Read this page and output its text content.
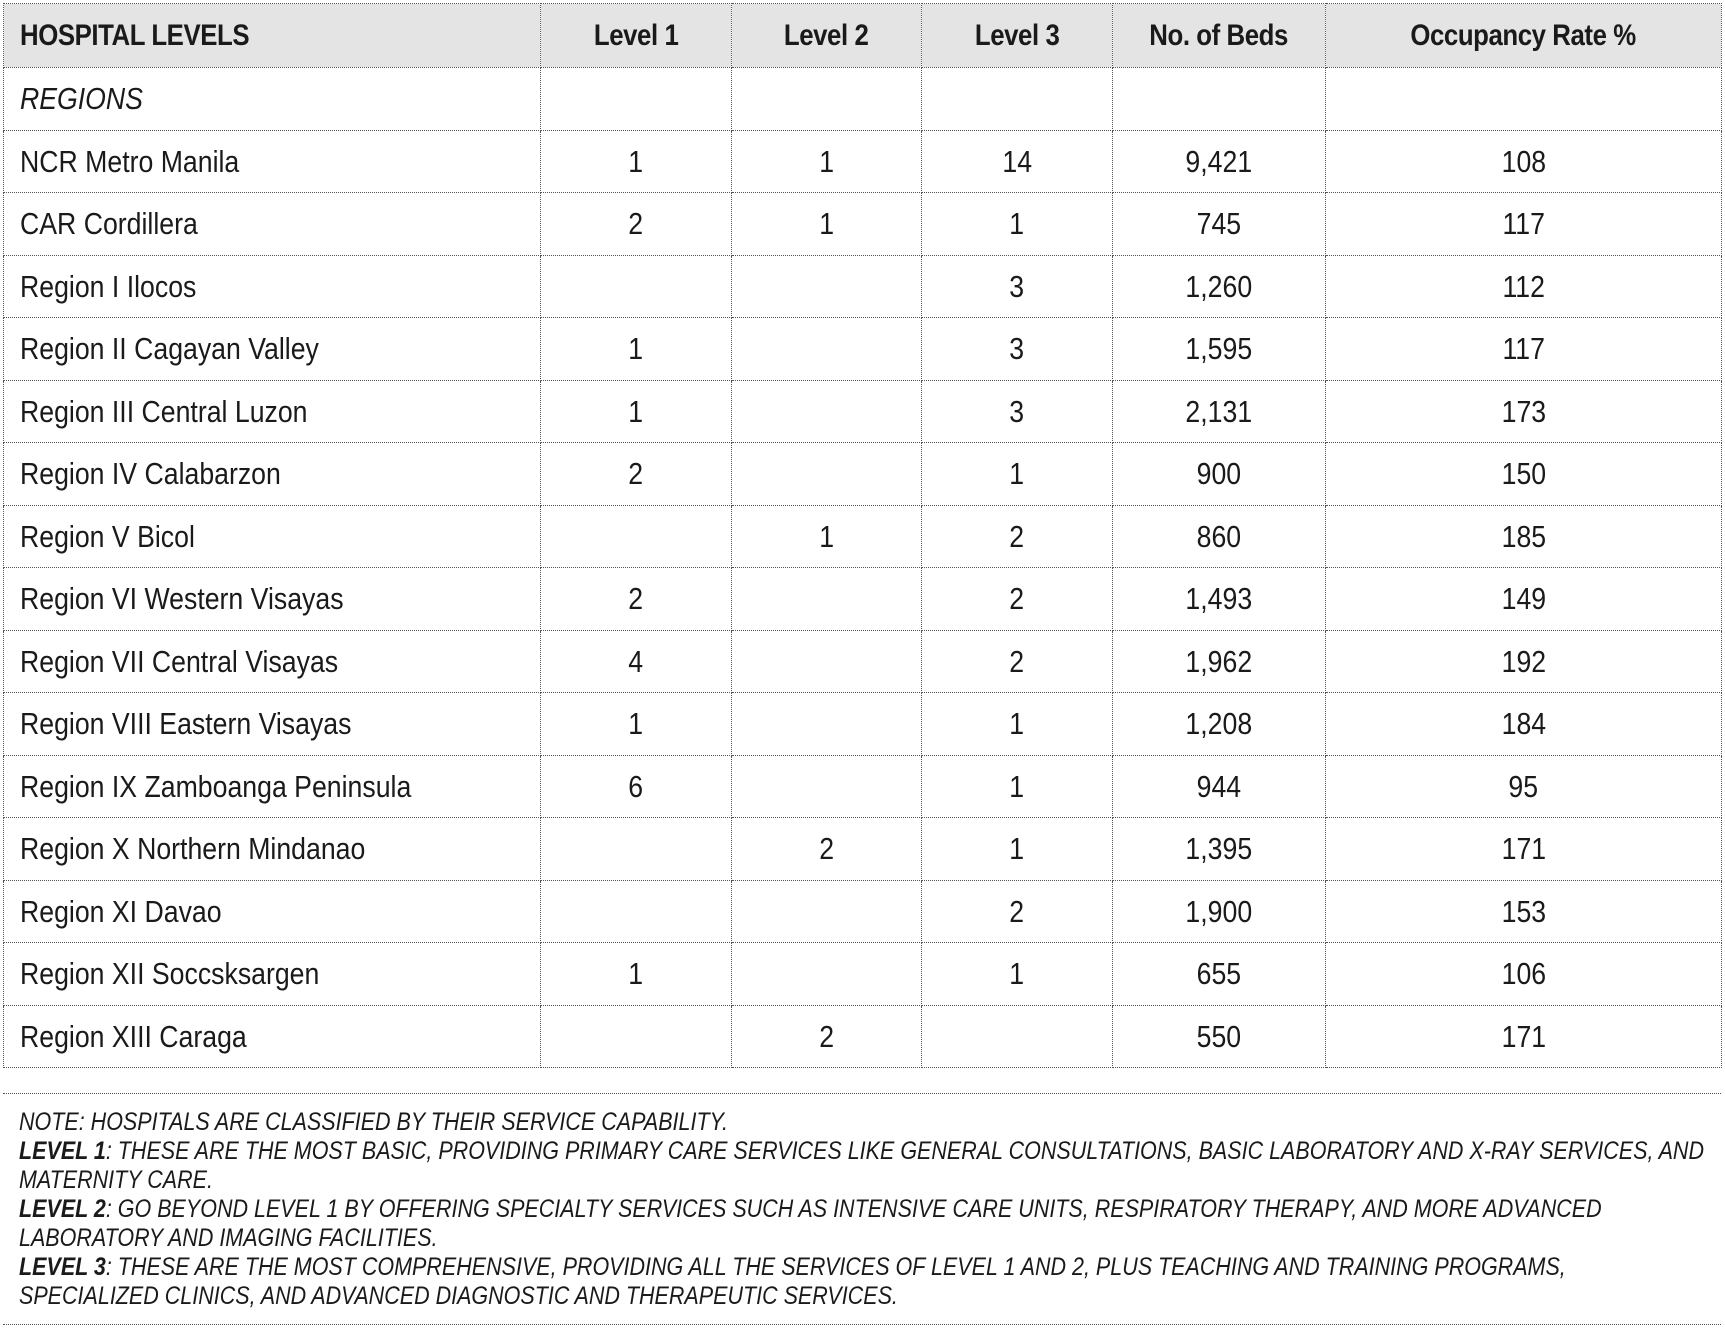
HOSPITAL LEVELS	Level 1	Level 2	Level 3	No. of Beds	Occupancy Rate %
REGIONS					
NCR Metro Manila	1	1	14	9,421	108
CAR Cordillera	2	1	1	745	117
Region I Ilocos			3	1,260	112
Region II Cagayan Valley	1		3	1,595	117
Region III Central Luzon	1		3	2,131	173
Region IV Calabarzon	2		1	900	150
Region V Bicol		1	2	860	185
Region VI Western Visayas	2		2	1,493	149
Region VII Central Visayas	4		2	1,962	192
Region VIII Eastern Visayas	1		1	1,208	184
Region IX Zamboanga Peninsula	6		1	944	95
Region X Northern Mindanao		2	1	1,395	171
Region XI Davao			2	1,900	153
Region XII Soccsksargen	1		1	655	106
Region XIII Caraga		2		550	171

NOTE: HOSPITALS ARE CLASSIFIED BY THEIR SERVICE CAPABILITY.
LEVEL 1: THESE ARE THE MOST BASIC, PROVIDING PRIMARY CARE SERVICES LIKE GENERAL CONSULTATIONS, BASIC LABORATORY AND X-RAY SERVICES, AND MATERNITY CARE.
LEVEL 2: GO BEYOND LEVEL 1 BY OFFERING SPECIALTY SERVICES SUCH AS INTENSIVE CARE UNITS, RESPIRATORY THERAPY, AND MORE ADVANCED LABORATORY AND IMAGING FACILITIES.
LEVEL 3: THESE ARE THE MOST COMPREHENSIVE, PROVIDING ALL THE SERVICES OF LEVEL 1 AND 2, PLUS TEACHING AND TRAINING PROGRAMS, SPECIALIZED CLINICS, AND ADVANCED DIAGNOSTIC AND THERAPEUTIC SERVICES.
